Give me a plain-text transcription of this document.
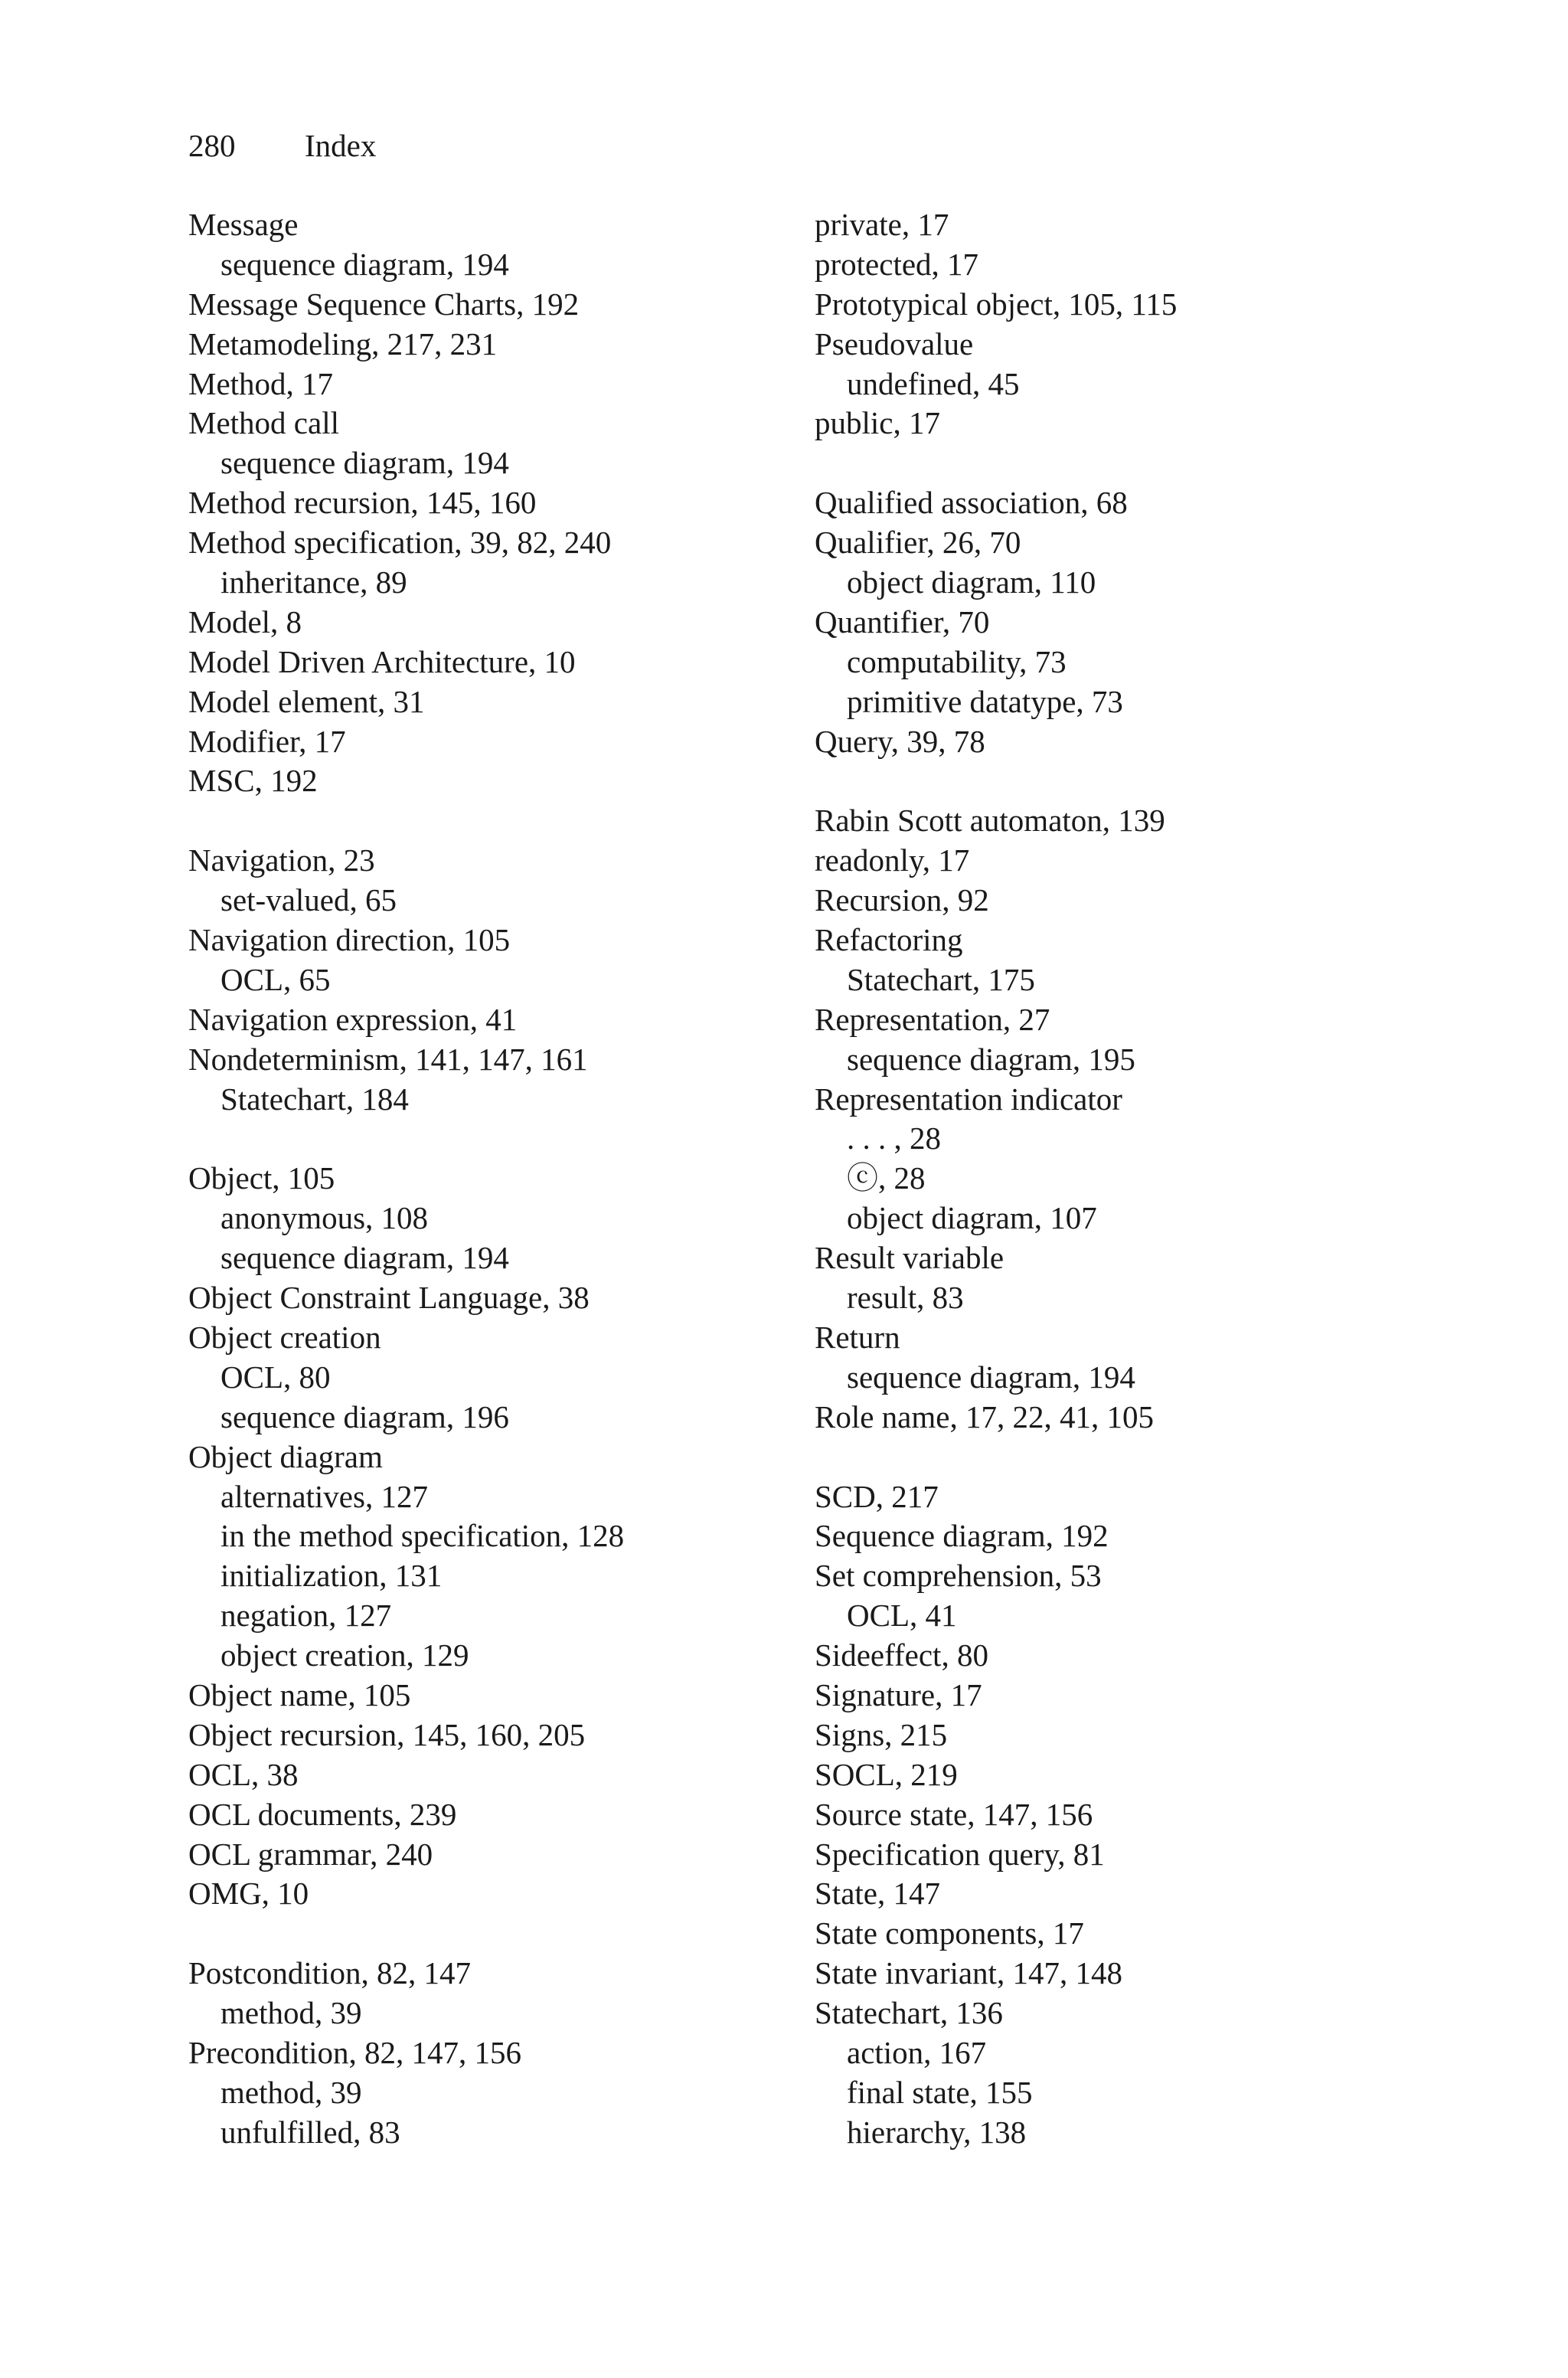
280 Index
Message
sequence diagram, 194
Message Sequence Charts, 192
Metamodeling, 217, 231
Method, 17
Method call
sequence diagram, 194
Method recursion, 145, 160
Method specification, 39, 82, 240
inheritance, 89
Model, 8
Model Driven Architecture, 10
Model element, 31
Modifier, 17
MSC, 192
Navigation, 23
set-valued, 65
Navigation direction, 105
OCL, 65
Navigation expression, 41
Nondeterminism, 141, 147, 161
Statechart, 184
Object, 105
anonymous, 108
sequence diagram, 194
Object Constraint Language, 38
Object creation
OCL, 80
sequence diagram, 196
Object diagram
alternatives, 127
in the method specification, 128
initialization, 131
negation, 127
object creation, 129
Object name, 105
Object recursion, 145, 160, 205
OCL, 38
OCL documents, 239
OCL grammar, 240
OMG, 10
Postcondition, 82, 147
method, 39
Precondition, 82, 147, 156
method, 39
unfulfilled, 83
private, 17
protected, 17
Prototypical object, 105, 115
Pseudovalue
undefined, 45
public, 17
Qualified association, 68
Qualifier, 26, 70
object diagram, 110
Quantifier, 70
computability, 73
primitive datatype, 73
Query, 39, 78
Rabin Scott automaton, 139
readonly, 17
Recursion, 92
Refactoring
Statechart, 175
Representation, 27
sequence diagram, 195
Representation indicator
. . . , 28
ⓒ, 28
object diagram, 107
Result variable
result, 83
Return
sequence diagram, 194
Role name, 17, 22, 41, 105
SCD, 217
Sequence diagram, 192
Set comprehension, 53
OCL, 41
Sideeffect, 80
Signature, 17
Signs, 215
SOCL, 219
Source state, 147, 156
Specification query, 81
State, 147
State components, 17
State invariant, 147, 148
Statechart, 136
action, 167
final state, 155
hierarchy, 138
